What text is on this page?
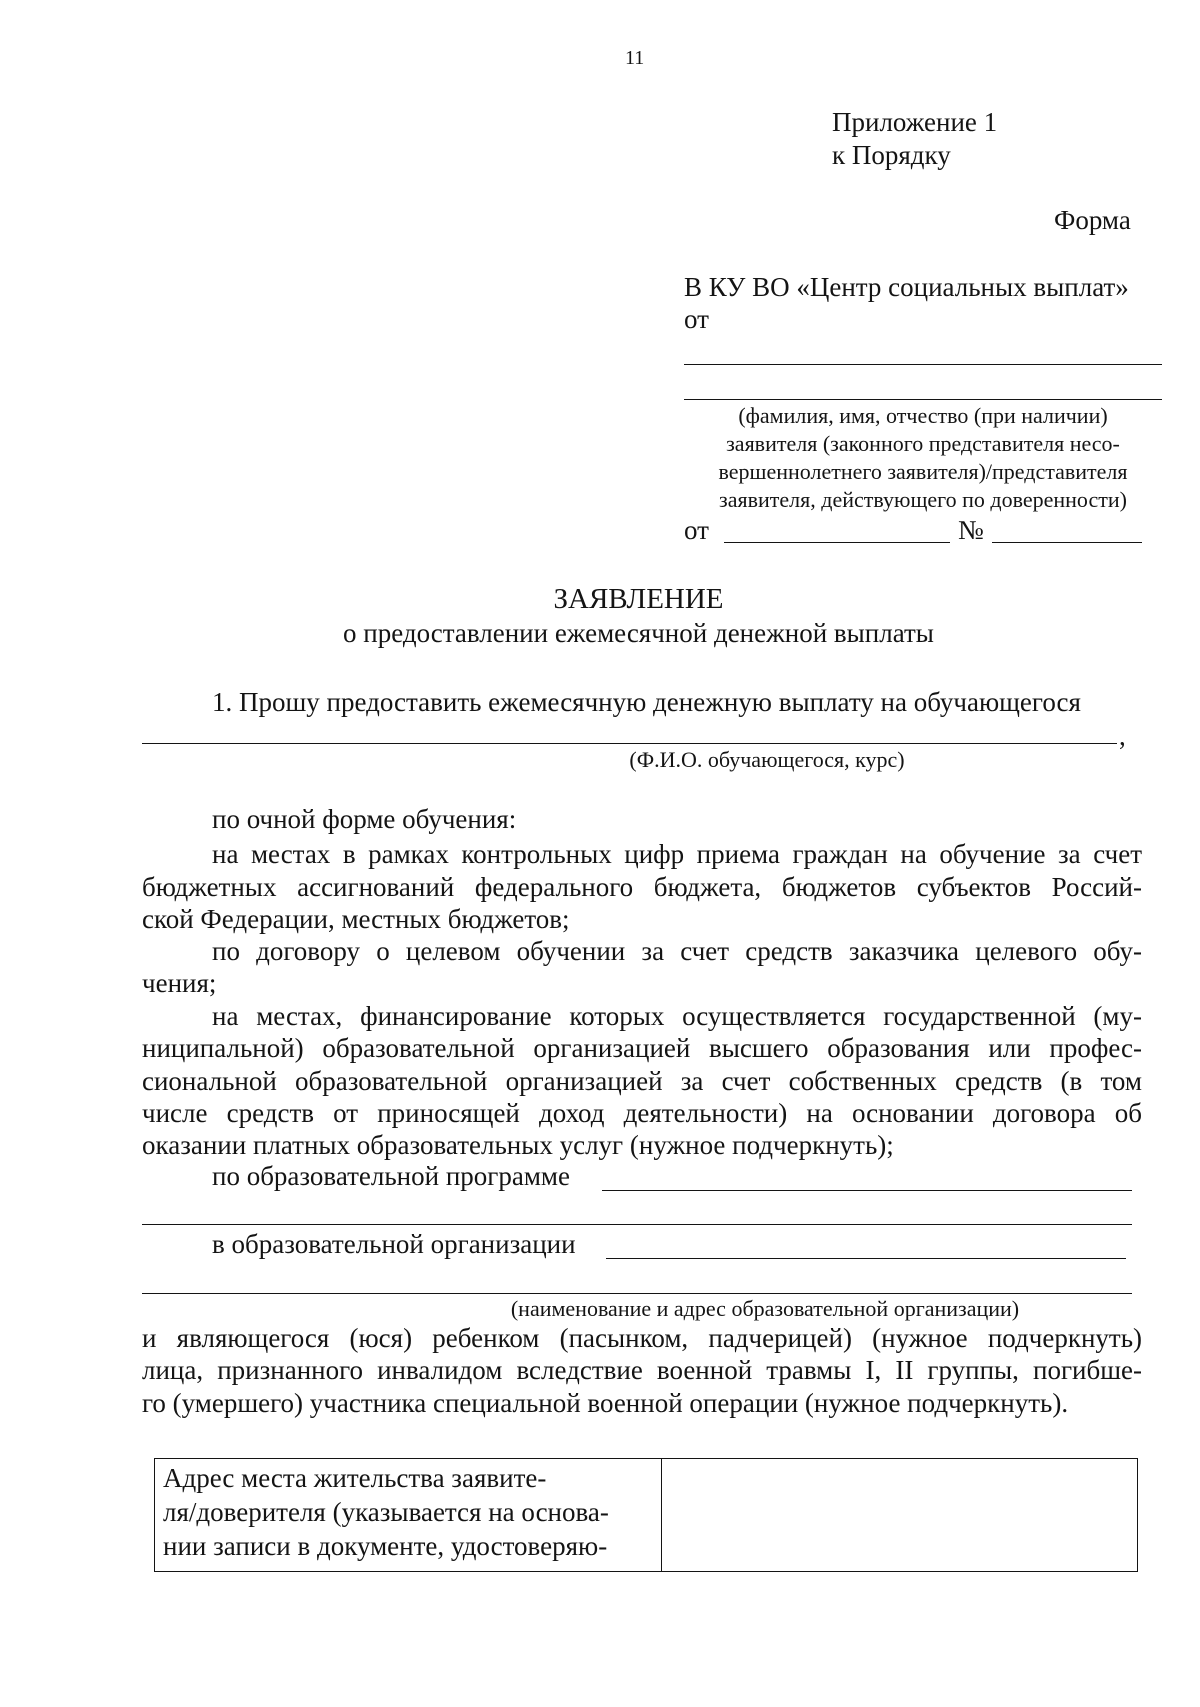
11
Приложение 1
к Порядку
Форма
В КУ ВО «Центр социальных выплат»
от
(фамилия, имя, отчество (при наличии)
заявителя (законного представителя несо-
вершеннолетнего заявителя)/представителя
заявителя, действующего по доверенности)
от	№
ЗАЯВЛЕНИЕ
о предоставлении ежемесячной денежной выплаты
1. Прошу предоставить ежемесячную денежную выплату на обучающегося
,
(Ф.И.О. обучающегося, курс)
по очной форме обучения:
на местах в рамках контрольных цифр приема граждан на обучение за счет
бюджетных ассигнований федерального бюджета, бюджетов субъектов Россий-
ской Федерации, местных бюджетов;
по договору о целевом обучении за счет средств заказчика целевого обу-
чения;
на местах, финансирование которых осуществляется государственной (му-
ниципальной) образовательной организацией высшего образования или профес-
сиональной образовательной организацией за счет собственных средств (в том
числе средств от приносящей доход деятельности) на основании договора об
оказании платных образовательных услуг (нужное подчеркнуть);
по образовательной программе
в образовательной организации
(наименование и адрес образовательной организации)
и являющегося (юся) ребенком (пасынком, падчерицей) (нужное подчеркнуть)
лица, признанного инвалидом вследствие военной травмы I, II группы, погибше-
го (умершего) участника специальной военной операции (нужное подчеркнуть).
Адрес места жительства заявите-
ля/доверителя (указывается на основа-
нии записи в документе, удостоверяю-
